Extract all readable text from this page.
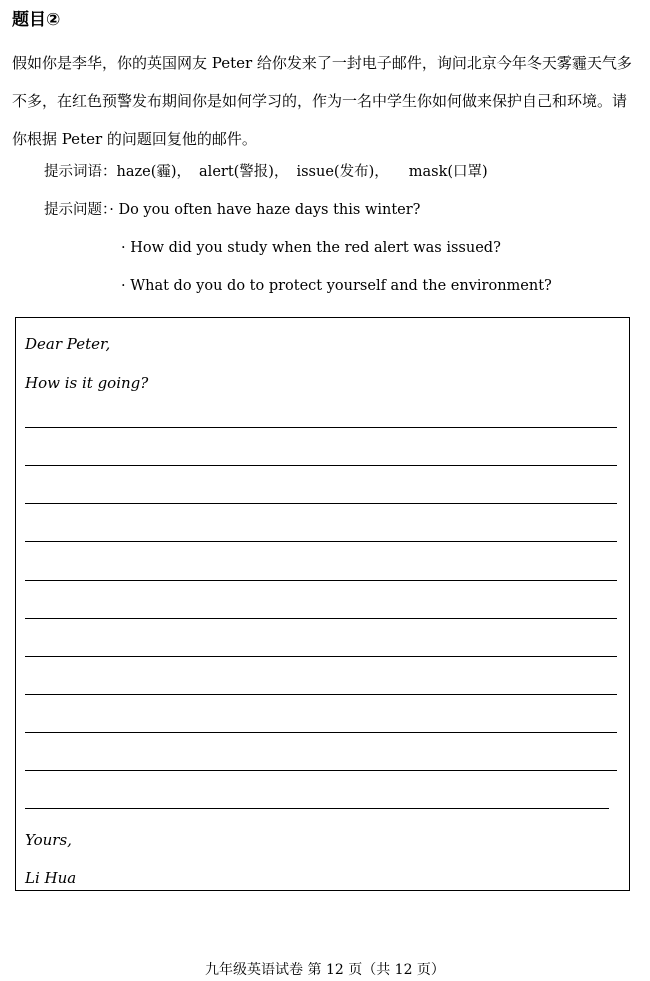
题目②

假如你是李华，你的英国网友 Peter 给你发来了一封电子邮件，询问北京今年冬天雾霾天气多不多，在红色预警发布期间你是如何学习的，作为一名中学生你如何做来保护自己和环境。请你根据 Peter 的问题回复他的邮件。

提示词语：haze(霾)， alert(警报)， issue(发布)， mask(口罩)
提示问题：· Do you often have haze days this winter?
· How did you study when the red alert was issued?
· What do you do to protect yourself and the environment?
Dear Peter,
How is it going?
Yours,
Li Hua
九年级英语试卷 第 12 页（共 12 页）
